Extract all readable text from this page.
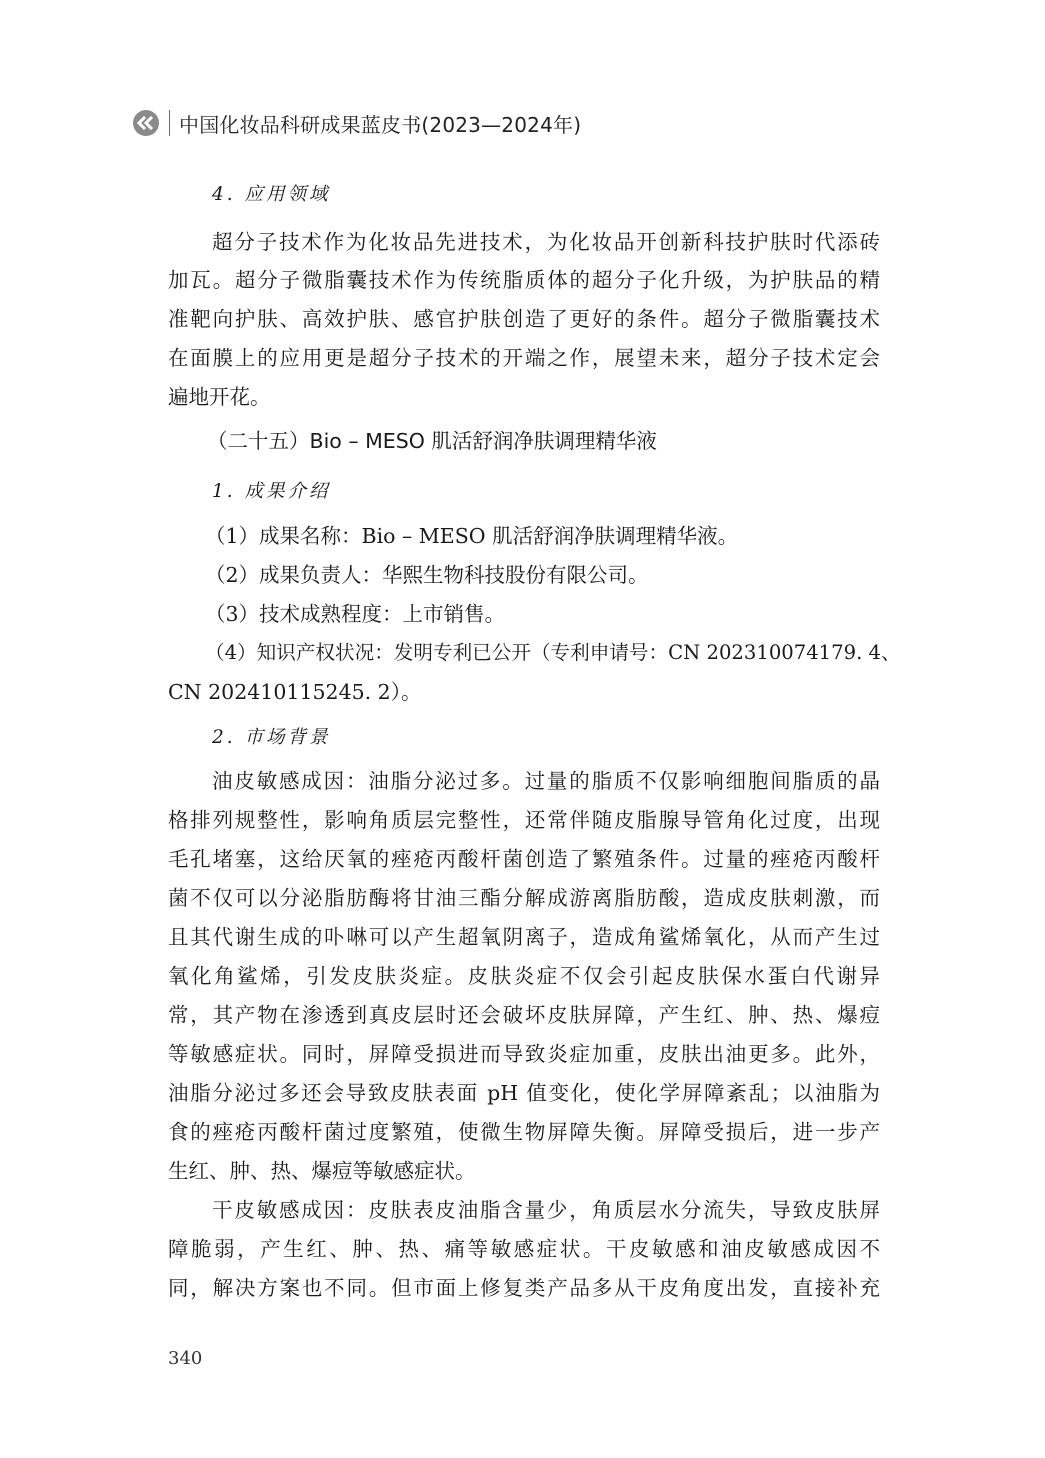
中国化妆品科研成果蓝皮书(2023—2024年)
4. 应用领域
超分子技术作为化妆品先进技术，为化妆品开创新科技护肤时代添砖
加瓦。超分子微脂囊技术作为传统脂质体的超分子化升级，为护肤品的精
准靶向护肤、高效护肤、感官护肤创造了更好的条件。超分子微脂囊技术
在面膜上的应用更是超分子技术的开端之作，展望未来，超分子技术定会
遍地开花。
（二十五）Bio – MESO 肌活舒润净肤调理精华液
1. 成果介绍
（1）成果名称：Bio – MESO 肌活舒润净肤调理精华液。
（2）成果负责人：华熙生物科技股份有限公司。
（3）技术成熟程度：上市销售。
（4）知识产权状况：发明专利已公开（专利申请号：CN 202310074179. 4、
CN 202410115245. 2）。
2. 市场背景
油皮敏感成因：油脂分泌过多。过量的脂质不仅影响细胞间脂质的晶
格排列规整性，影响角质层完整性，还常伴随皮脂腺导管角化过度，出现
毛孔堵塞，这给厌氧的痤疮丙酸杆菌创造了繁殖条件。过量的痤疮丙酸杆
菌不仅可以分泌脂肪酶将甘油三酯分解成游离脂肪酸，造成皮肤刺激，而
且其代谢生成的卟啉可以产生超氧阴离子，造成角鲨烯氧化，从而产生过
氧化角鲨烯，引发皮肤炎症。皮肤炎症不仅会引起皮肤保水蛋白代谢异
常，其产物在渗透到真皮层时还会破坏皮肤屏障，产生红、肿、热、爆痘
等敏感症状。同时，屏障受损进而导致炎症加重，皮肤出油更多。此外，
油脂分泌过多还会导致皮肤表面 pH 值变化，使化学屏障紊乱；以油脂为
食的痤疮丙酸杆菌过度繁殖，使微生物屏障失衡。屏障受损后，进一步产
生红、肿、热、爆痘等敏感症状。
干皮敏感成因：皮肤表皮油脂含量少，角质层水分流失，导致皮肤屏
障脆弱，产生红、肿、热、痛等敏感症状。干皮敏感和油皮敏感成因不
同，解决方案也不同。但市面上修复类产品多从干皮角度出发，直接补充
340
